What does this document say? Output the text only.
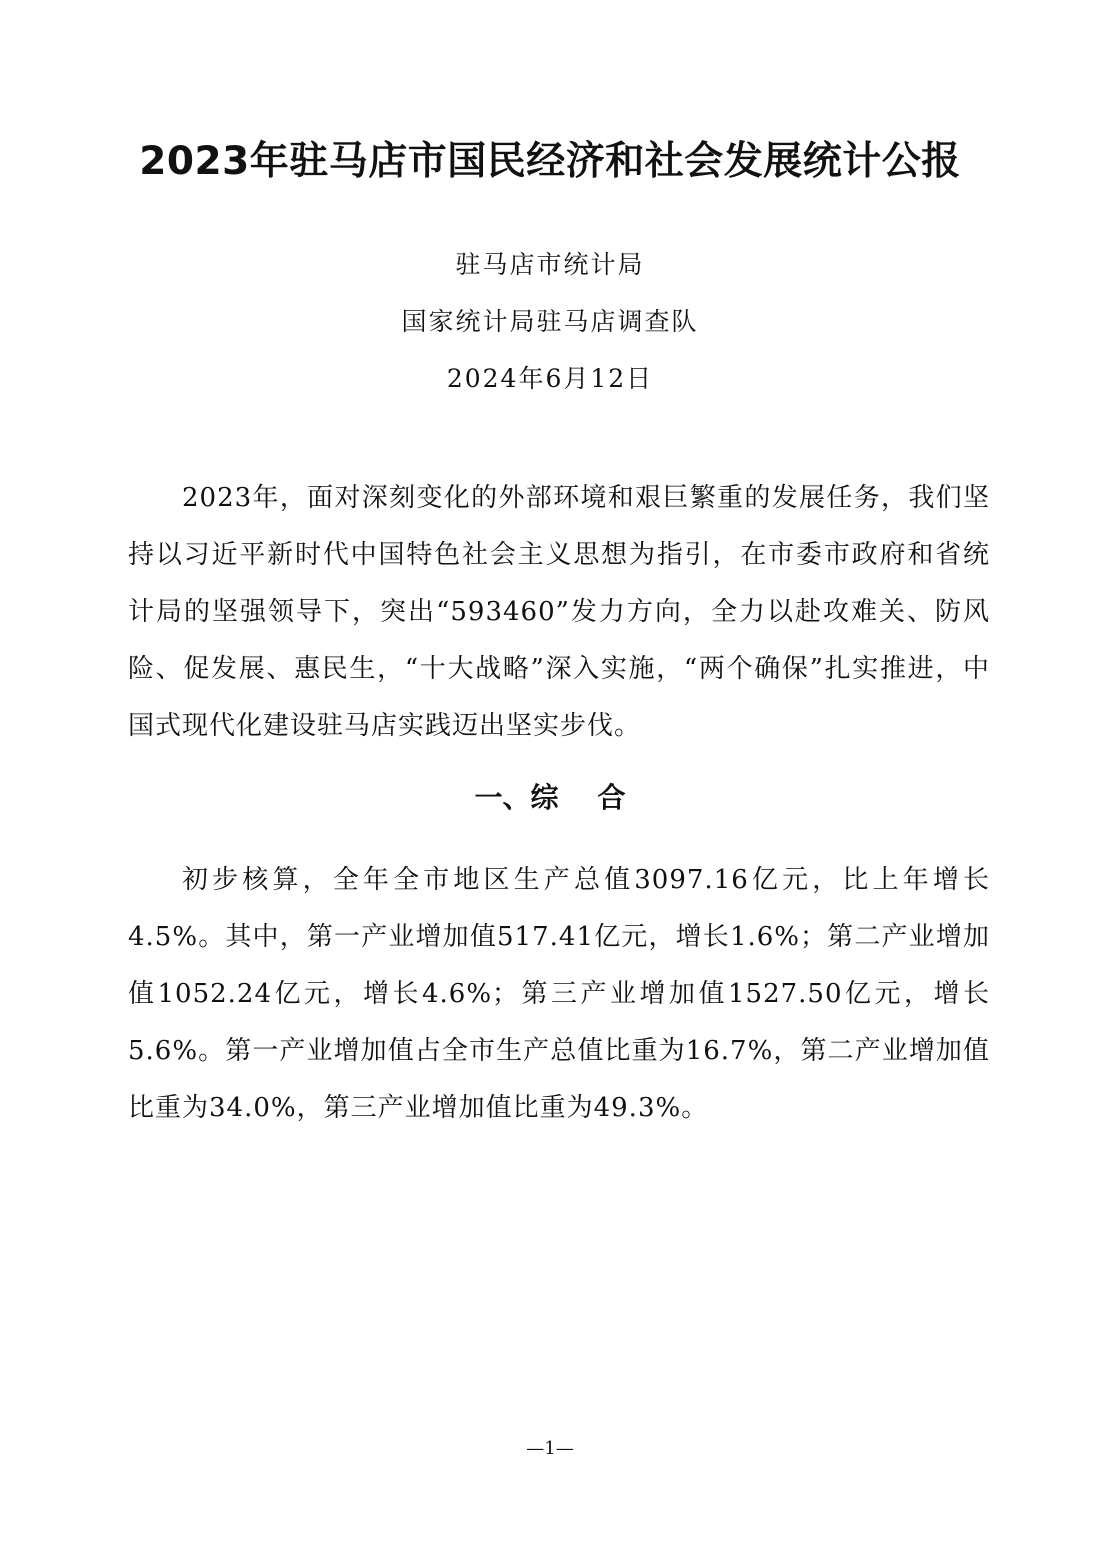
2023年驻马店市国民经济和社会发展统计公报
驻马店市统计局
国家统计局驻马店调查队
2024年6月12日

2023年，面对深刻变化的外部环境和艰巨繁重的发展任务，我们坚持以习近平新时代中国特色社会主义思想为指引，在市委市政府和省统计局的坚强领导下，突出“593460”发力方向，全力以赴攻难关、防风险、促发展、惠民生，“十大战略”深入实施，“两个确保”扎实推进，中国式现代化建设驻马店实践迈出坚实步伐。

一、综    合

初步核算，全年全市地区生产总值3097.16亿元，比上年增长4.5%。其中，第一产业增加值517.41亿元，增长1.6%；第二产业增加值1052.24亿元，增长4.6%；第三产业增加值1527.50亿元，增长5.6%。第一产业增加值占全市生产总值比重为16.7%，第二产业增加值比重为34.0%，第三产业增加值比重为49.3%。

—1—
